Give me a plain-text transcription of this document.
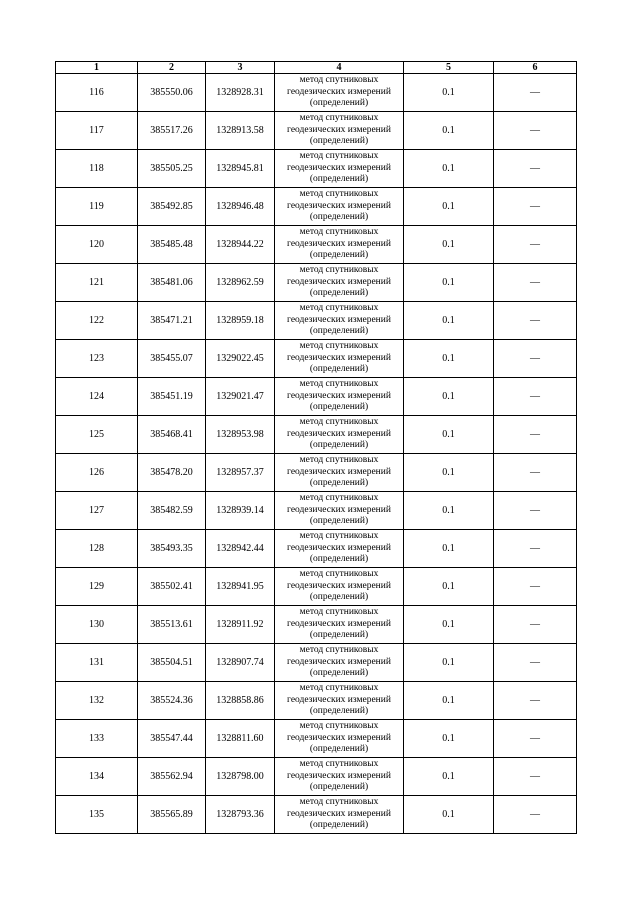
1	2	3	4	5	6
116	385550.06	1328928.31	метод спутниковых геодезических измерений (определений)	0.1	—
117	385517.26	1328913.58	метод спутниковых геодезических измерений (определений)	0.1	—
118	385505.25	1328945.81	метод спутниковых геодезических измерений (определений)	0.1	—
119	385492.85	1328946.48	метод спутниковых геодезических измерений (определений)	0.1	—
120	385485.48	1328944.22	метод спутниковых геодезических измерений (определений)	0.1	—
121	385481.06	1328962.59	метод спутниковых геодезических измерений (определений)	0.1	—
122	385471.21	1328959.18	метод спутниковых геодезических измерений (определений)	0.1	—
123	385455.07	1329022.45	метод спутниковых геодезических измерений (определений)	0.1	—
124	385451.19	1329021.47	метод спутниковых геодезических измерений (определений)	0.1	—
125	385468.41	1328953.98	метод спутниковых геодезических измерений (определений)	0.1	—
126	385478.20	1328957.37	метод спутниковых геодезических измерений (определений)	0.1	—
127	385482.59	1328939.14	метод спутниковых геодезических измерений (определений)	0.1	—
128	385493.35	1328942.44	метод спутниковых геодезических измерений (определений)	0.1	—
129	385502.41	1328941.95	метод спутниковых геодезических измерений (определений)	0.1	—
130	385513.61	1328911.92	метод спутниковых геодезических измерений (определений)	0.1	—
131	385504.51	1328907.74	метод спутниковых геодезических измерений (определений)	0.1	—
132	385524.36	1328858.86	метод спутниковых геодезических измерений (определений)	0.1	—
133	385547.44	1328811.60	метод спутниковых геодезических измерений (определений)	0.1	—
134	385562.94	1328798.00	метод спутниковых геодезических измерений (определений)	0.1	—
135	385565.89	1328793.36	метод спутниковых геодезических измерений (определений)	0.1	—
